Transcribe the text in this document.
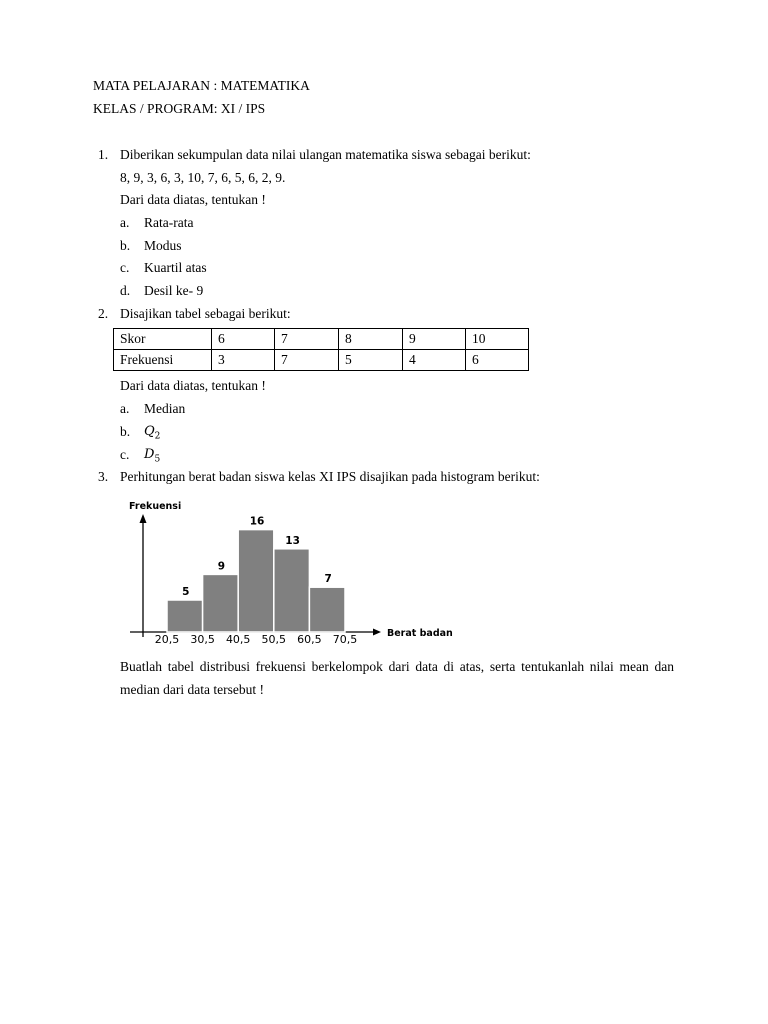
MATA PELAJARAN : MATEMATIKA
KELAS / PROGRAM: XI / IPS
1. Diberikan sekumpulan data nilai ulangan matematika siswa sebagai berikut:
8, 9, 3, 6, 3, 10, 7, 6, 5, 6, 2, 9.
Dari data diatas, tentukan !
a. Rata-rata
b. Modus
c. Kuartil atas
d. Desil ke- 9
2. Disajikan tabel sebagai berikut:
Skor	6	7	8	9	10
Frekuensi	3	7	5	4	6
Dari data diatas, tentukan !
a. Median
b. $Q_2$
c. $D_5$
3. Perhitungan berat badan siswa kelas XI IPS disajikan pada histogram berikut:
Frekuensi
Berat badan
5
9
16
13
7
20,5 30,5 40,5 50,5 60,5 70,5
Buatlah tabel distribusi frekuensi berkelompok dari data di atas, serta tentukanlah nilai mean dan median dari data tersebut !
